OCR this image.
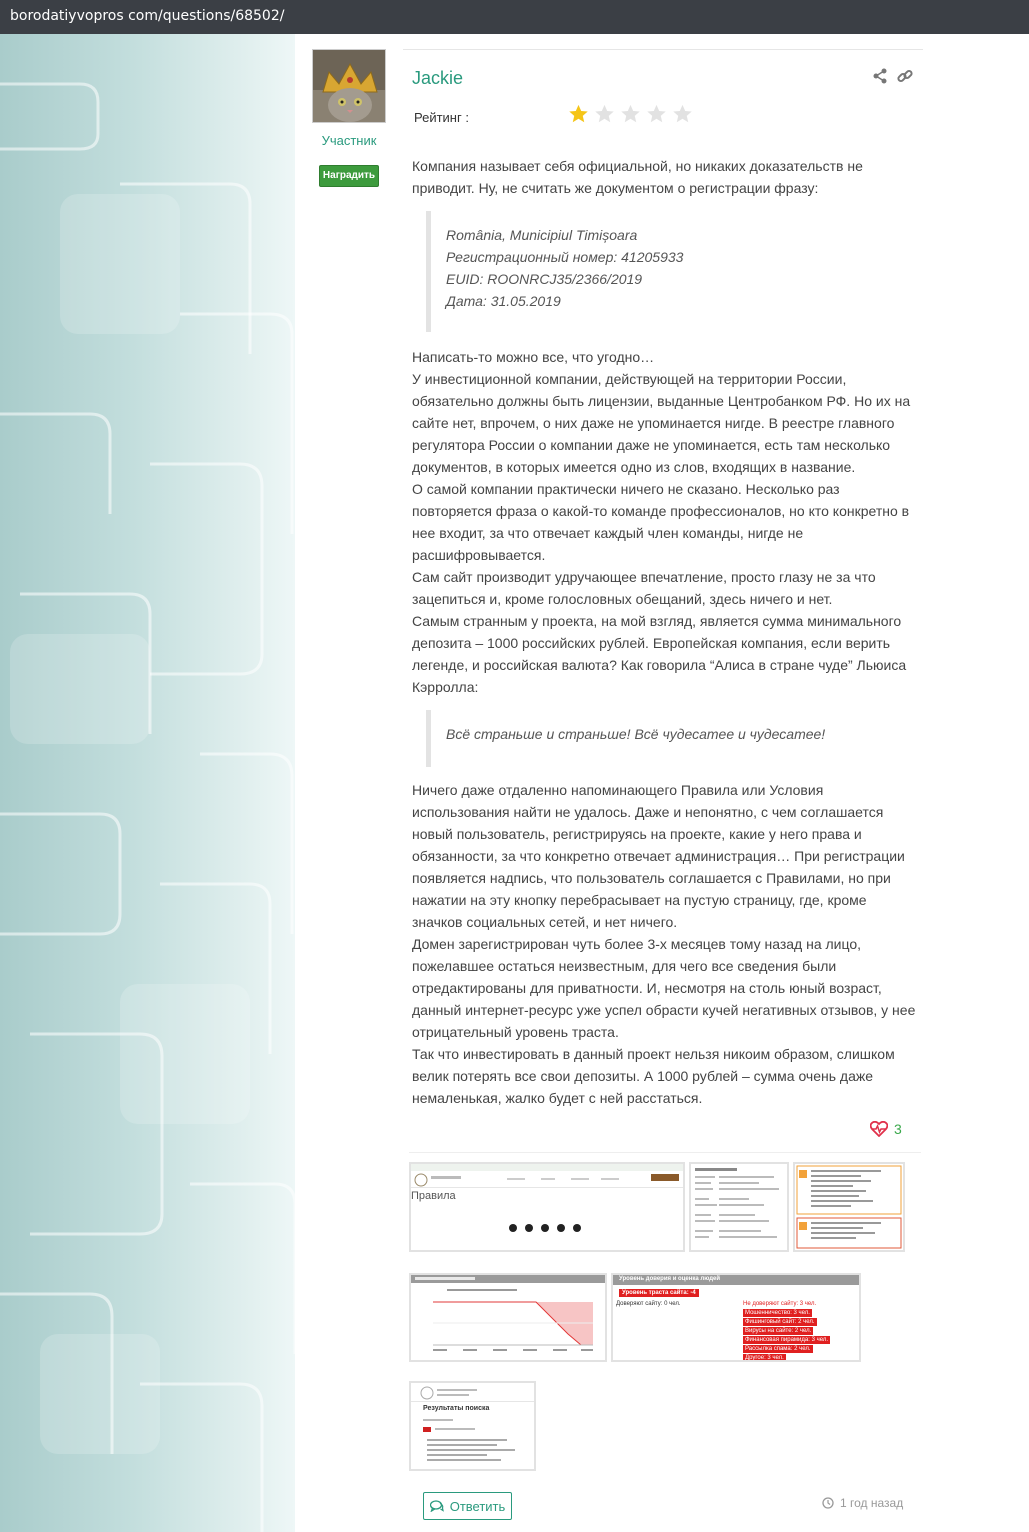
borodatiyvopros com/questions/68502/
Участник
Наградить
Jackie
Рейтинг :

Компания называет себя официальной, но никаких доказательств не приводит. Ну, не считать же документом о регистрации фразу:

România, Municipiul Timișoara
Регистрационный номер: 41205933
EUID: ROONRCJ35/2366/2019
Дата: 31.05.2019

Написать-то можно все, что угодно…

У инвестиционной компании, действующей на территории России, обязательно должны быть лицензии, выданные Центробанком РФ. Но их на сайте нет, впрочем, о них даже не упоминается нигде. В реестре главного регулятора России о компании даже не упоминается, есть там несколько документов, в которых имеется одно из слов, входящих в название.

О самой компании практически ничего не сказано. Несколько раз повторяется фраза о какой-то команде профессионалов, но кто конкретно в нее входит, за что отвечает каждый член команды, нигде не расшифровывается.

Сам сайт производит удручающее впечатление, просто глазу не за что зацепиться и, кроме голословных обещаний, здесь ничего и нет.

Самым странным у проекта, на мой взгляд, является сумма минимального депозита – 1000 российских рублей. Европейская компания, если верить легенде, и российская валюта? Как говорила “Алиса в стране чуде” Льюиса Кэрролла:

Всё страньше и страньше! Всё чудесатее и чудесатее!

Ничего даже отдаленно напоминающего Правила или Условия использования найти не удалось. Даже и непонятно, с чем соглашается новый пользователь, регистрируясь на проекте, какие у него права и обязанности, за что конкретно отвечает администрация… При регистрации появляется надпись, что пользователь соглашается с Правилами, но при нажатии на эту кнопку перебрасывает на пустую страницу, где, кроме значков социальных сетей, и нет ничего.

Домен зарегистрирован чуть более 3-х месяцев тому назад на лицо, пожелавшее остаться неизвестным, для чего все сведения были отредактированы для приватности. И, несмотря на столь юный возраст, данный интернет-ресурс уже успел обрасти кучей негативных отзывов, у нее отрицательный уровень траста.

Так что инвестировать в данный проект нельзя никоим образом, слишком велик потерять все свои депозиты. А 1000 рублей – сумма очень даже немаленькая, жалко будет с ней расстаться.

3
Правила
Уровень доверия и оценка людей
Уровень траста сайта: -4
Доверяют сайту: 0 чел.	Не доверяют сайту: 3 чел.
Мошенничество: 3 чел.
Фишинговый сайт: 2 чел.
Вирусы на сайте: 2 чел.
Финансовая пирамида: 3 чел.
Рассылка спама: 2 чел.
Другое: 3 чел.
Результаты поиска
Ответить	1 год назад
